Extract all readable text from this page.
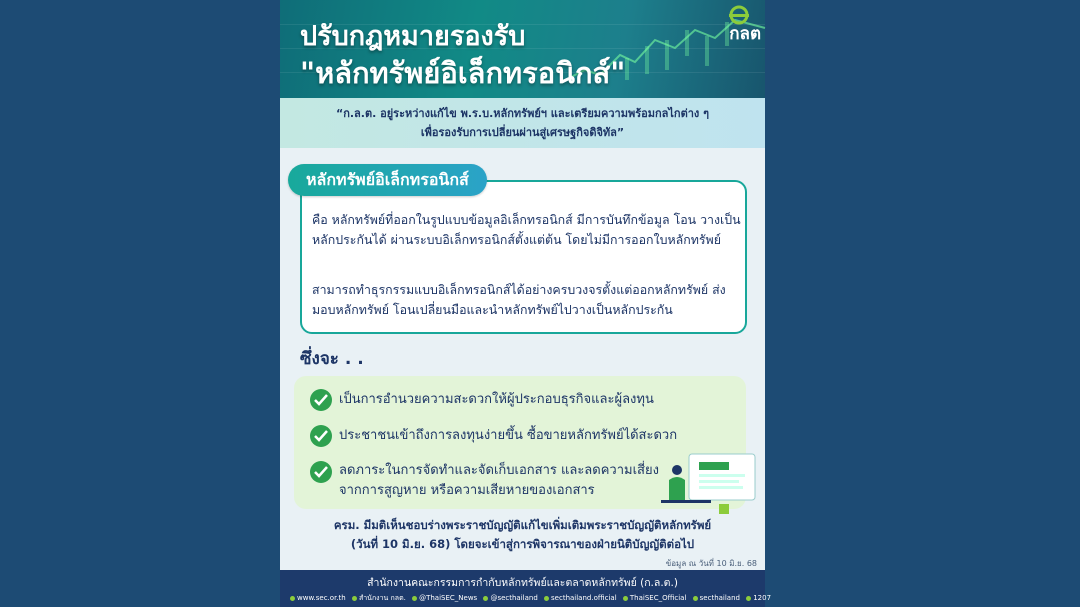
ปรับกฎหมายรองรับ
"หลักทรัพย์อิเล็กทรอนิกส์"
กลต
“ก.ล.ต. อยู่ระหว่างแก้ไข พ.ร.บ.หลักทรัพย์ฯ และเตรียมความพร้อมกลไกต่าง ๆ
เพื่อรองรับการเปลี่ยนผ่านสู่เศรษฐกิจดิจิทัล”

คือ หลักทรัพย์ที่ออกในรูปแบบข้อมูลอิเล็กทรอนิกส์ มีการบันทึกข้อมูล โอน วางเป็นหลักประกันได้ ผ่านระบบอิเล็กทรอนิกส์ตั้งแต่ต้น โดยไม่มีการออกใบหลักทรัพย์

สามารถทำธุรกรรมแบบอิเล็กทรอนิกส์ได้อย่างครบวงจรตั้งแต่ออกหลักทรัพย์ ส่งมอบหลักทรัพย์ โอนเปลี่ยนมือและนำหลักทรัพย์ไปวางเป็นหลักประกัน

หลักทรัพย์อิเล็กทรอนิกส์
ซึ่งจะ . .
เป็นการอำนวยความสะดวกให้ผู้ประกอบธุรกิจและผู้ลงทุน
ประชาชนเข้าถึงการลงทุนง่ายขึ้น ซื้อขายหลักทรัพย์ได้สะดวก
ลดภาระในการจัดทำและจัดเก็บเอกสาร และลดความเสี่ยง
จากการสูญหาย หรือความเสียหายของเอกสาร
ครม. มีมติเห็นชอบร่างพระราชบัญญัติแก้ไขเพิ่มเติมพระราชบัญญัติหลักทรัพย์
(วันที่ 10 มิ.ย. 68) โดยจะเข้าสู่การพิจารณาของฝ่ายนิติบัญญัติต่อไป
ข้อมูล ณ วันที่ 10 มิ.ย. 68
สำนักงานคณะกรรมการกำกับหลักทรัพย์และตลาดหลักทรัพย์ (ก.ล.ต.)
www.sec.or.th สำนักงาน กลต. @ThaiSEC_News @secthailand secthailand.official ThaiSEC_Official secthailand 1207
